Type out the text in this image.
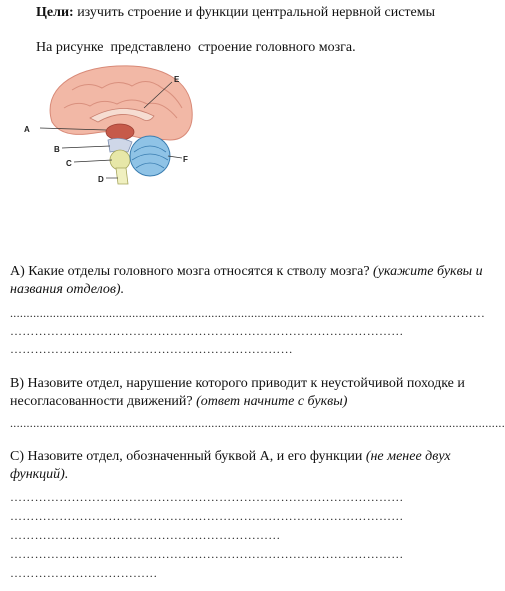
Цели: изучить строение и функции центральной нервной системы
На рисунке  представлено  строение головного мозга.
A
B
C
D
E
F
А) Какие отделы головного мозга относятся к стволу мозга? (укажите буквы и названия отделов).
.......................................................................................................……………………………
……………………………………………………………………………………
……………………………………………………………
В) Назовите отдел, нарушение которого приводит к неустойчивой походке и несогласованности движений? (ответ начните с буквы)
......................................................................................................................................................
С) Назовите отдел, обозначенный буквой А, и его функции (не менее двух функций).
……………………………………………………………………………………
……………………………………………………………………………………
…………………………………………………………
……………………………………………………………………………………
………………………………
